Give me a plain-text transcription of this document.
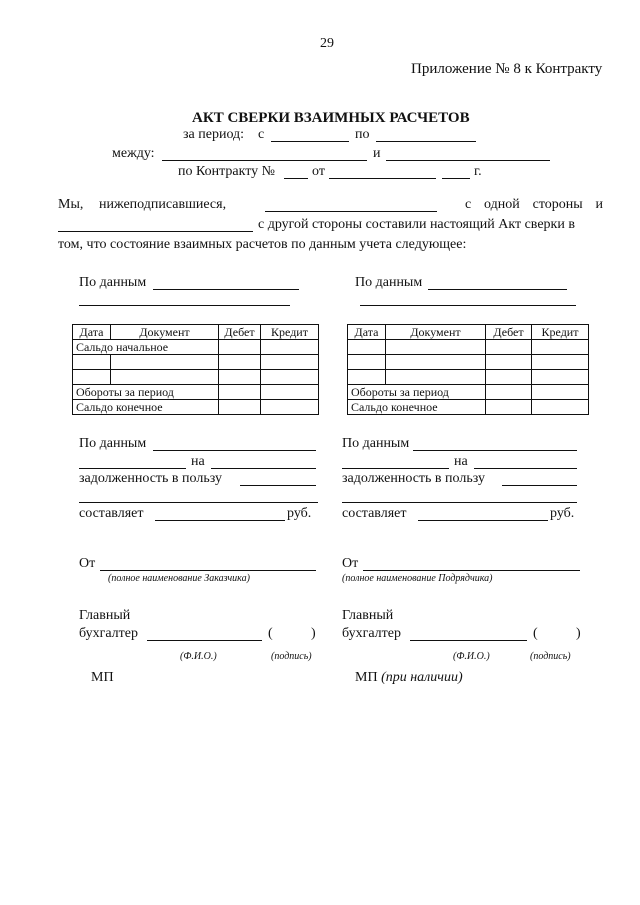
29
Приложение № 8 к Контракту
АКТ СВЕРКИ ВЗАИМНЫХ РАСЧЕТОВ
за период: с	по
между:	и
по Контракту №	от	г.
Мы, нижеподписавшиеся,	с одной стороны и
с другой стороны составили настоящий Акт сверки в
том, что состояние взаимных расчетов по данным учета следующее:
По данным
Дата	Документ	Дебет	Кредит
Сальдо начальное			

Обороты за период			
Сальдо конечное			
По данным
Дата	Документ	Дебет	Кредит

Обороты за период			
Сальдо конечное			
По данным
на
задолженность в пользу
составляет	руб.
По данным
на
задолженность в пользу
составляет	руб.
От
(полное наименование Заказчика)
От
(полное наименование Подрядчика)
Главный
бухгалтер	(	)
(Ф.И.О.)	(подпись)
Главный
бухгалтер	(	)
(Ф.И.О.)	(подпись)
МП	МП (при наличии)
